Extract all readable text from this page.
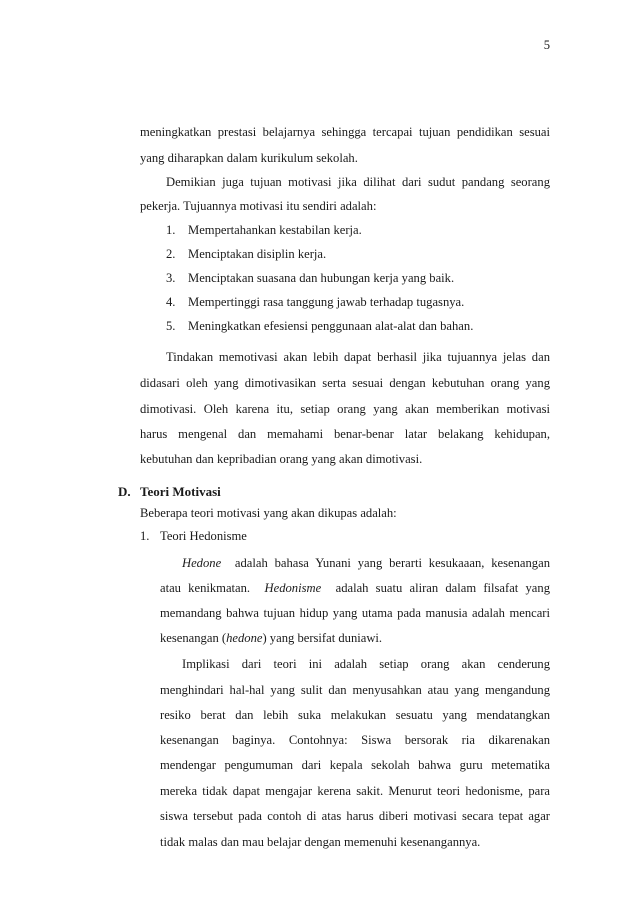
5
meningkatkan prestasi belajarnya sehingga tercapai tujuan pendidikan sesuai
yang diharapkan dalam kurikulum sekolah.
Demikian juga tujuan motivasi jika dilihat dari sudut pandang seorang
pekerja. Tujuannya motivasi itu sendiri adalah:
1. Mempertahankan kestabilan kerja.
2. Menciptakan disiplin kerja.
3. Menciptakan suasana dan hubungan kerja yang baik.
4. Mempertinggi rasa tanggung jawab terhadap tugasnya.
5. Meningkatkan efesiensi penggunaan alat-alat dan bahan.
Tindakan memotivasi akan lebih dapat berhasil jika tujuannya jelas dan
didasari oleh yang dimotivasikan serta sesuai dengan kebutuhan orang yang
dimotivasi. Oleh karena itu, setiap orang yang akan memberikan motivasi
harus mengenal dan memahami benar-benar latar belakang kehidupan,
kebutuhan dan kepribadian orang yang akan dimotivasi.
D. Teori Motivasi
Beberapa teori motivasi yang akan dikupas adalah:
1. Teori Hedonisme
Hedone adalah bahasa Yunani yang berarti kesukaaan, kesenangan
atau kenikmatan. Hedonisme adalah suatu aliran dalam filsafat yang
memandang bahwa tujuan hidup yang utama pada manusia adalah mencari
kesenangan (hedone) yang bersifat duniawi.
Implikasi dari teori ini adalah setiap orang akan cenderung
menghindari hal-hal yang sulit dan menyusahkan atau yang mengandung
resiko berat dan lebih suka melakukan sesuatu yang mendatangkan
kesenangan baginya. Contohnya: Siswa bersorak ria dikarenakan
mendengar pengumuman dari kepala sekolah bahwa guru metematika
mereka tidak dapat mengajar kerena sakit. Menurut teori hedonisme, para
siswa tersebut pada contoh di atas harus diberi motivasi secara tepat agar
tidak malas dan mau belajar dengan memenuhi kesenangannya.
